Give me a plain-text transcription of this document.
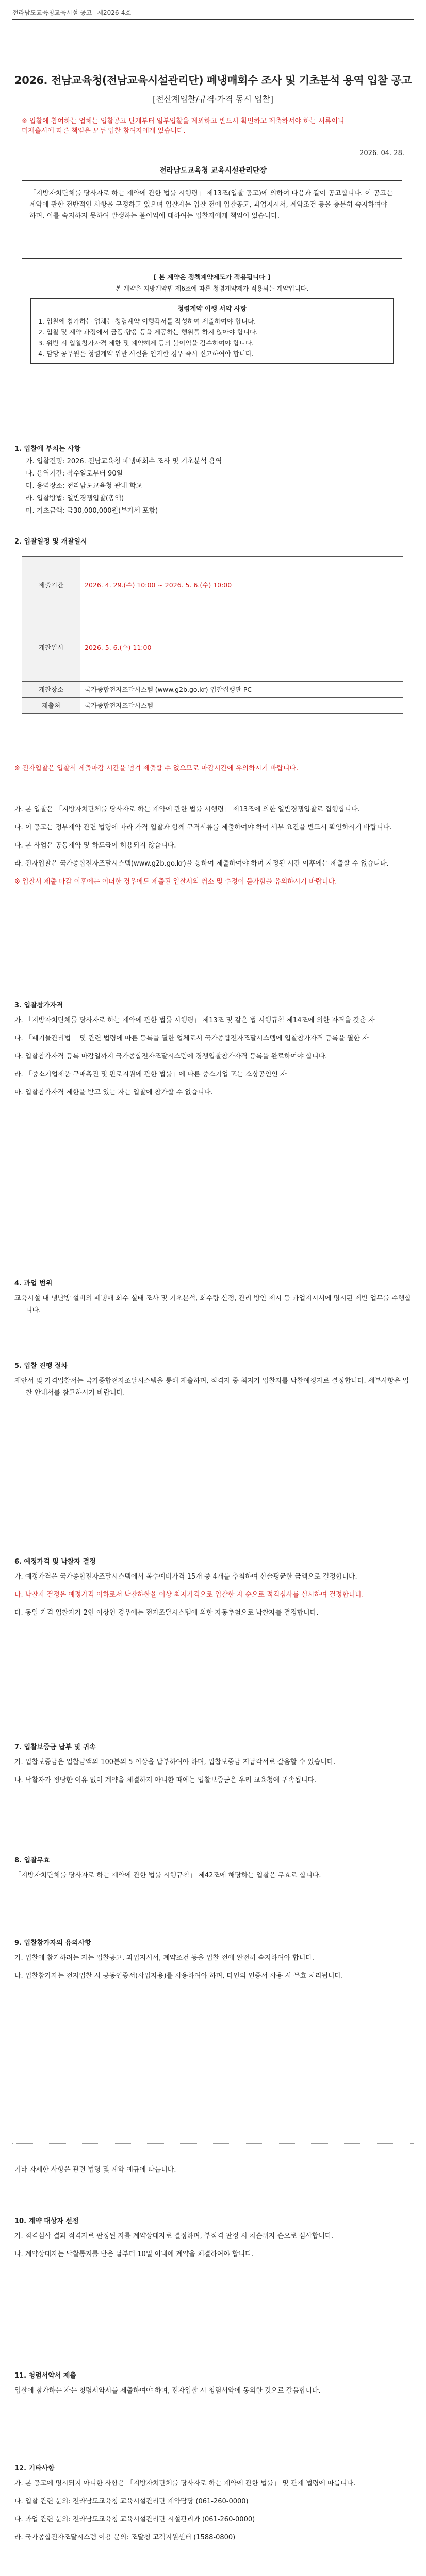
전라남도교육청교육시설 공고 제2026-4호
2026. 전남교육청(전남교육시설관리단) 폐냉매회수 조사 및 기초분석 용역 입찰 공고
[전산계입찰/규격·가격 동시 입찰]
※ 입찰에 참여하는 업체는 입찰공고 단계부터 일부입찰을 제외하고 반드시 확인하고 제출하셔야 하는 서류이니
미제출시에 따른 책임은 모두 입찰 참여자에게 있습니다.
2026. 04. 28.
전라남도교육청 교육시설관리단장
「지방자치단체를 당사자로 하는 계약에 관한 법률 시행령」 제13조(입찰 공고)에 의하여 다음과 같이 공고합니다. 이 공고는 계약에 관한 전반적인 사항을 규정하고 있으며 입찰자는 입찰 전에 입찰공고, 과업지시서, 계약조건 등을 충분히 숙지하여야 하며, 이를 숙지하지 못하여 발생하는 불이익에 대하여는 입찰자에게 책임이 있습니다.
[ 본 계약은 정책계약제도가 적용됩니다 ]
본 계약은 지방계약법 제6조에 따른 청렴계약제가 적용되는 계약입니다.
청렴계약 이행 서약 사항
1. 입찰에 참가하는 업체는 청렴계약 이행각서를 작성하여 제출하여야 합니다.
2. 입찰 및 계약 과정에서 금품·향응 등을 제공하는 행위를 하지 않아야 합니다.
3. 위반 시 입찰참가자격 제한 및 계약해제 등의 불이익을 감수하여야 합니다.
4. 담당 공무원은 청렴계약 위반 사실을 인지한 경우 즉시 신고하여야 합니다.
1. 입찰에 부치는 사항
가. 입찰건명: 2026. 전남교육청 폐냉매회수 조사 및 기초분석 용역
나. 용역기간: 착수일로부터 90일
다. 용역장소: 전라남도교육청 관내 학교
라. 입찰방법: 일반경쟁입찰(총액)
마. 기초금액: 금30,000,000원(부가세 포함)
2. 입찰일정 및 개찰일시
제출기간	2026. 4. 29.(수) 10:00 ~ 2026. 5. 6.(수) 10:00
개찰일시	2026. 5. 6.(수) 11:00
개찰장소	국가종합전자조달시스템 (www.g2b.go.kr) 입찰집행관 PC
제출처	국가종합전자조달시스템

※ 전자입찰은 입찰서 제출마감 시간을 넘겨 제출할 수 없으므로 마감시간에 유의하시기 바랍니다.

가. 본 입찰은 「지방자치단체를 당사자로 하는 계약에 관한 법률 시행령」 제13조에 의한 일반경쟁입찰로 집행합니다.

나. 이 공고는 정부계약 관련 법령에 따라 가격 입찰과 함께 규격서류를 제출하여야 하며 세부 요건을 반드시 확인하시기 바랍니다.

다. 본 사업은 공동계약 및 하도급이 허용되지 않습니다.

라. 전자입찰은 국가종합전자조달시스템(www.g2b.go.kr)을 통하여 제출하여야 하며 지정된 시간 이후에는 제출할 수 없습니다.

※ 입찰서 제출 마감 이후에는 어떠한 경우에도 제출된 입찰서의 취소 및 수정이 불가함을 유의하시기 바랍니다.

3. 입찰참가자격

가. 「지방자치단체를 당사자로 하는 계약에 관한 법률 시행령」 제13조 및 같은 법 시행규칙 제14조에 의한 자격을 갖춘 자

나. 「폐기물관리법」 및 관련 법령에 따른 등록을 필한 업체로서 국가종합전자조달시스템에 입찰참가자격 등록을 필한 자

다. 입찰참가자격 등록 마감일까지 국가종합전자조달시스템에 경쟁입찰참가자격 등록을 완료하여야 합니다.

라. 「중소기업제품 구매촉진 및 판로지원에 관한 법률」에 따른 중소기업 또는 소상공인인 자

마. 입찰참가자격 제한을 받고 있는 자는 입찰에 참가할 수 없습니다.

4. 과업 범위

교육시설 내 냉난방 설비의 폐냉매 회수 실태 조사 및 기초분석, 회수량 산정, 관리 방안 제시 등 과업지시서에 명시된 제반 업무를 수행합니다.

5. 입찰 진행 절차

제안서 및 가격입찰서는 국가종합전자조달시스템을 통해 제출하며, 적격자 중 최저가 입찰자를 낙찰예정자로 결정합니다. 세부사항은 입찰 안내서를 참고하시기 바랍니다.

6. 예정가격 및 낙찰자 결정

가. 예정가격은 국가종합전자조달시스템에서 복수예비가격 15개 중 4개를 추첨하여 산술평균한 금액으로 결정합니다.

나. 낙찰자 결정은 예정가격 이하로서 낙찰하한율 이상 최저가격으로 입찰한 자 순으로 적격심사를 실시하여 결정합니다.

다. 동일 가격 입찰자가 2인 이상인 경우에는 전자조달시스템에 의한 자동추첨으로 낙찰자를 결정합니다.

7. 입찰보증금 납부 및 귀속

가. 입찰보증금은 입찰금액의 100분의 5 이상을 납부하여야 하며, 입찰보증금 지급각서로 갈음할 수 있습니다.

나. 낙찰자가 정당한 이유 없이 계약을 체결하지 아니한 때에는 입찰보증금은 우리 교육청에 귀속됩니다.

8. 입찰무효

「지방자치단체를 당사자로 하는 계약에 관한 법률 시행규칙」 제42조에 해당하는 입찰은 무효로 합니다.

9. 입찰참가자의 유의사항

가. 입찰에 참가하려는 자는 입찰공고, 과업지시서, 계약조건 등을 입찰 전에 완전히 숙지하여야 합니다.

나. 입찰참가자는 전자입찰 시 공동인증서(사업자용)를 사용하여야 하며, 타인의 인증서 사용 시 무효 처리됩니다.

기타 자세한 사항은 관련 법령 및 계약 예규에 따릅니다.

10. 계약 대상자 선정

가. 적격심사 결과 적격자로 판정된 자를 계약상대자로 결정하며, 부적격 판정 시 차순위자 순으로 심사합니다.

나. 계약상대자는 낙찰통지를 받은 날부터 10일 이내에 계약을 체결하여야 합니다.

11. 청렴서약서 제출

입찰에 참가하는 자는 청렴서약서를 제출하여야 하며, 전자입찰 시 청렴서약에 동의한 것으로 갈음합니다.

12. 기타사항

가. 본 공고에 명시되지 아니한 사항은 「지방자치단체를 당사자로 하는 계약에 관한 법률」 및 관계 법령에 따릅니다.

나. 입찰 관련 문의: 전라남도교육청 교육시설관리단 계약담당 (061-260-0000)

다. 과업 관련 문의: 전라남도교육청 교육시설관리단 시설관리과 (061-260-0000)

라. 국가종합전자조달시스템 이용 문의: 조달청 고객지원센터 (1588-0800)
